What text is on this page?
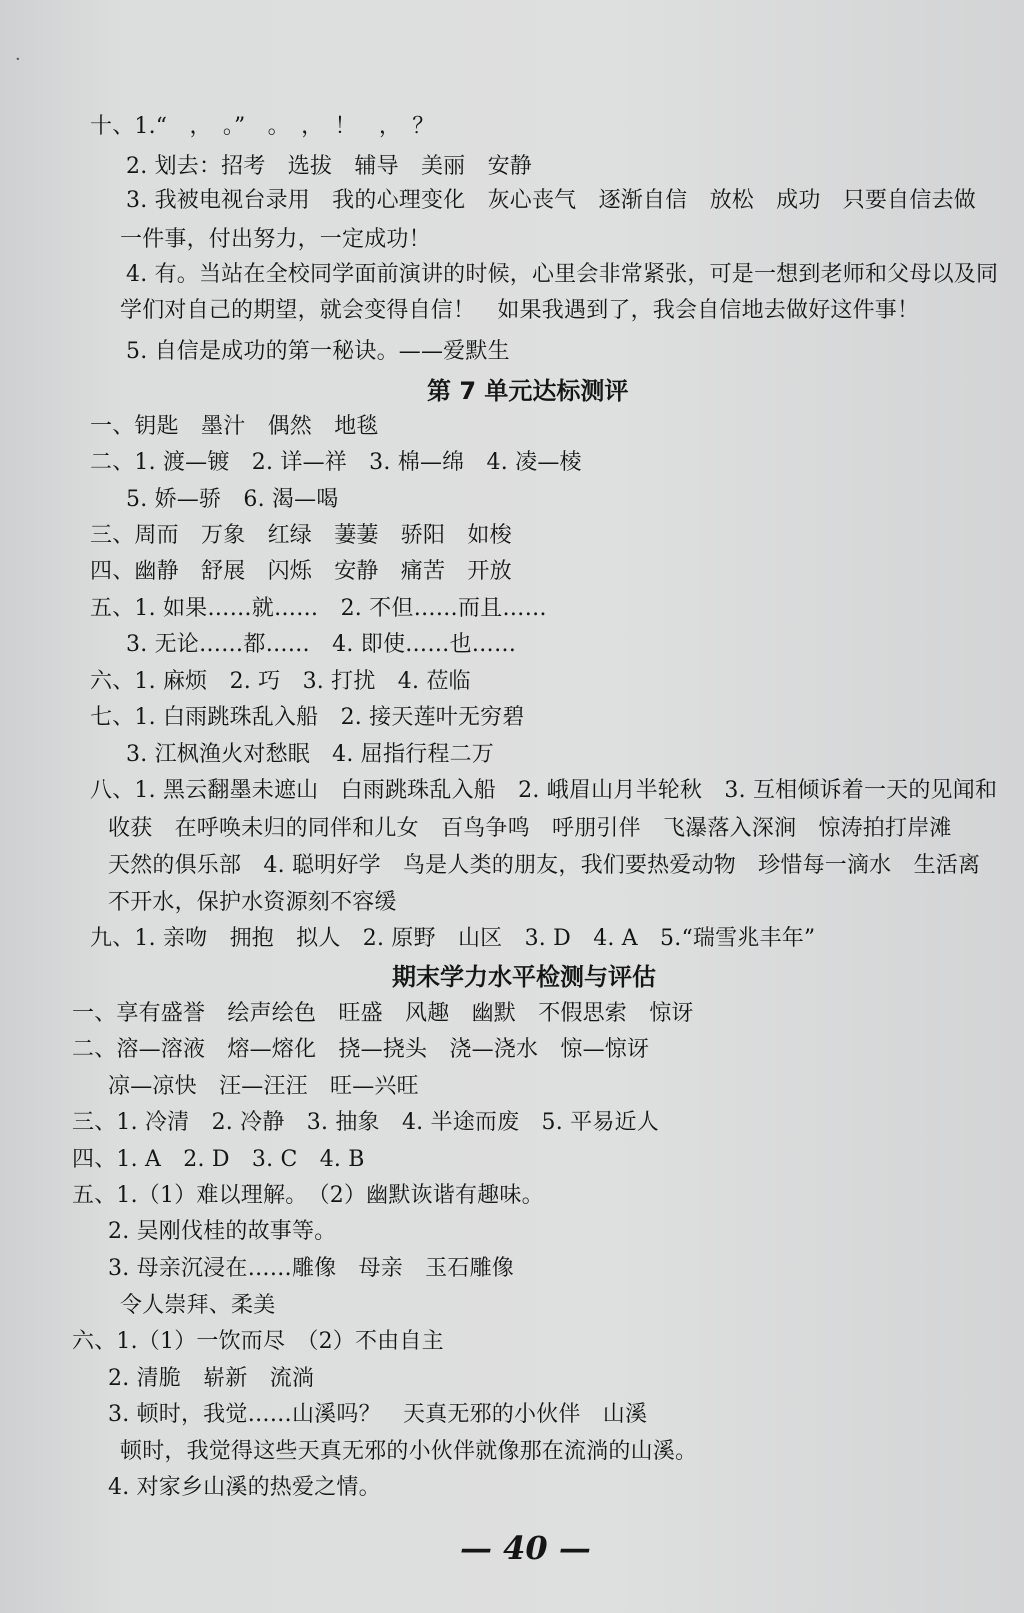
·
十、1.“　，　。”　。　，　！　，　？
2. 划去：招考　选拔　辅导　美丽　安静
3. 我被电视台录用　我的心理变化　灰心丧气　逐渐自信　放松　成功　只要自信去做
一件事，付出努力，一定成功！
4. 有。当站在全校同学面前演讲的时候，心里会非常紧张，可是一想到老师和父母以及同
学们对自己的期望，就会变得自信！　如果我遇到了，我会自信地去做好这件事！
5. 自信是成功的第一秘诀。——爱默生
第 7 单元达标测评
一、钥匙　墨汁　偶然　地毯
二、1. 渡—镀　2. 详—祥　3. 棉—绵　4. 凌—棱
5. 娇—骄　6. 渴—喝
三、周而　万象　红绿　萋萋　骄阳　如梭
四、幽静　舒展　闪烁　安静　痛苦　开放
五、1. 如果……就……　2. 不但……而且……
3. 无论……都……　4. 即使……也……
六、1. 麻烦　2. 巧　3. 打扰　4. 莅临
七、1. 白雨跳珠乱入船　2. 接天莲叶无穷碧
3. 江枫渔火对愁眠　4. 屈指行程二万
八、1. 黑云翻墨未遮山　白雨跳珠乱入船　2. 峨眉山月半轮秋　3. 互相倾诉着一天的见闻和
收获　在呼唤未归的同伴和儿女　百鸟争鸣　呼朋引伴　飞瀑落入深涧　惊涛拍打岸滩
天然的俱乐部　4. 聪明好学　鸟是人类的朋友，我们要热爱动物　珍惜每一滴水　生活离
不开水，保护水资源刻不容缓
九、1. 亲吻　拥抱　拟人　2. 原野　山区　3. D　4. A　5.“瑞雪兆丰年”
期末学力水平检测与评估
一、享有盛誉　绘声绘色　旺盛　风趣　幽默　不假思索　惊讶
二、溶—溶液　熔—熔化　挠—挠头　浇—浇水　惊—惊讶
凉—凉快　汪—汪汪　旺—兴旺
三、1. 冷清　2. 冷静　3. 抽象　4. 半途而废　5. 平易近人
四、1. A　2. D　3. C　4. B
五、1.（1）难以理解。　（2）幽默诙谐有趣味。
2. 吴刚伐桂的故事等。
3. 母亲沉浸在……雕像　母亲　玉石雕像
令人崇拜、柔美
六、1.（1）一饮而尽　（2）不由自主
2. 清脆　崭新　流淌
3. 顿时，我觉……山溪吗？　天真无邪的小伙伴　山溪
顿时，我觉得这些天真无邪的小伙伴就像那在流淌的山溪。
4. 对家乡山溪的热爱之情。
— 40 —
